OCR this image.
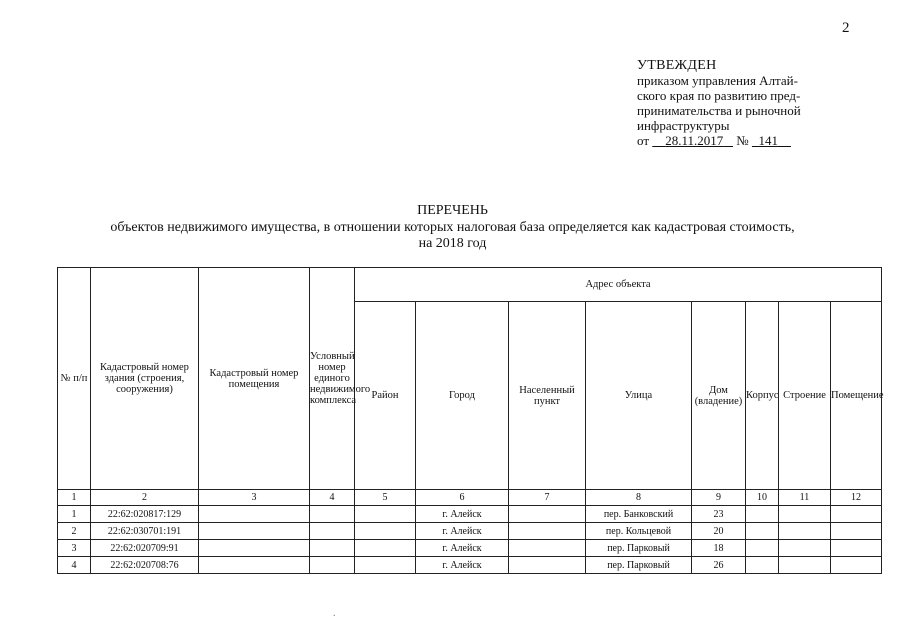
2
УТВЕЖДЕН
приказом управления Алтай-
ского края по развитию пред-
принимательства и рыночной
инфраструктуры
от 28.11.2017 № 141
ПЕРЕЧЕНЬ
объектов недвижимого имущества, в отношении которых налоговая база определяется как кадастровая стоимость,
на 2018 год
№ п/п	Кадастровый номер здания (строения, сооружения)	Кадастровый номер помещения	Условный номер единого недвижимого комплекса	Адрес объекта							
				Район	Город	Населенный пункт	Улица	Дом (владение)	Корпус	Строение	Помещение
1	2	3	4	5	6	7	8	9	10	11	12
1	22:62:020817:129				г. Алейск		пер. Банковский	23			
2	22:62:030701:191				г. Алейск		пер. Кольцевой	20			
3	22:62:020709:91				г. Алейск		пер. Парковый	18			
4	22:62:020708:76				г. Алейск		пер. Парковый	26			
.
